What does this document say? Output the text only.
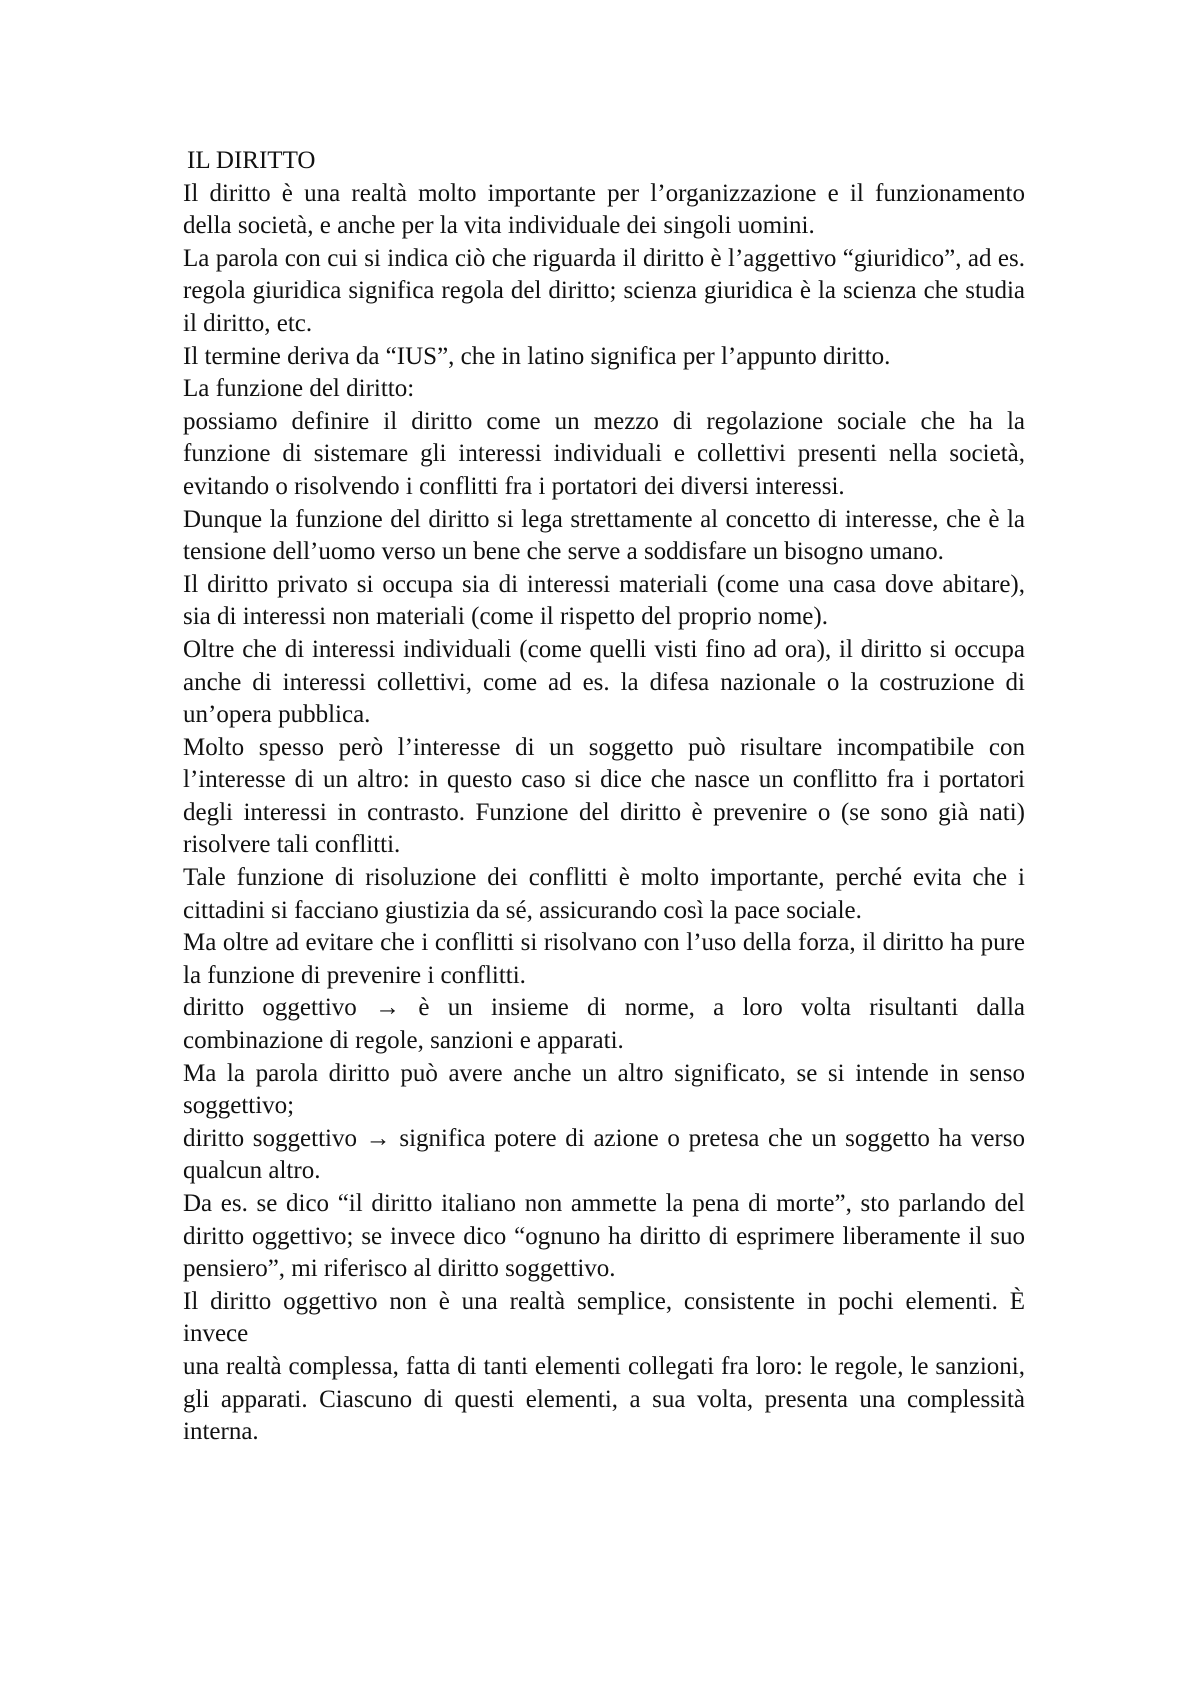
IL DIRITTO

Il diritto è una realtà molto importante per l’organizzazione e il funzionamento della società, e anche per la vita individuale dei singoli uomini.

La parola con cui si indica ciò che riguarda il diritto è l’aggettivo “giuridico”, ad es. regola giuridica significa regola del diritto; scienza giuridica è la scienza che studia il diritto, etc.

Il termine deriva da “IUS”, che in latino significa per l’appunto diritto.

La funzione del diritto:

possiamo definire il diritto come un mezzo di regolazione sociale che ha la funzione di sistemare gli interessi individuali e collettivi presenti nella società, evitando o risolvendo i conflitti fra i portatori dei diversi interessi.

Dunque la funzione del diritto si lega strettamente al concetto di interesse, che è la tensione dell’uomo verso un bene che serve a soddisfare un bisogno umano.

Il diritto privato si occupa sia di interessi materiali (come una casa dove abitare), sia di interessi non materiali (come il rispetto del proprio nome).

Oltre che di interessi individuali (come quelli visti fino ad ora), il diritto si occupa anche di interessi collettivi, come ad es. la difesa nazionale o la costruzione di un’opera pubblica.

Molto spesso però l’interesse di un soggetto può risultare incompatibile con l’interesse di un altro: in questo caso si dice che nasce un conflitto fra i portatori degli interessi in contrasto. Funzione del diritto è prevenire o (se sono già nati) risolvere tali conflitti.

Tale funzione di risoluzione dei conflitti è molto importante, perché evita che i cittadini si facciano giustizia da sé, assicurando così la pace sociale.

Ma oltre ad evitare che i conflitti si risolvano con l’uso della forza, il diritto ha pure la funzione di prevenire i conflitti.

diritto oggettivo → è un insieme di norme, a loro volta risultanti dalla combinazione di regole, sanzioni e apparati.

Ma la parola diritto può avere anche un altro significato, se si intende in senso soggettivo;

diritto soggettivo → significa potere di azione o pretesa che un soggetto ha verso qualcun altro.

Da es. se dico “il diritto italiano non ammette la pena di morte”, sto parlando del diritto oggettivo; se invece dico “ognuno ha diritto di esprimere liberamente il suo pensiero”, mi riferisco al diritto soggettivo.

Il diritto oggettivo non è una realtà semplice, consistente in pochi elementi. È invece

una realtà complessa, fatta di tanti elementi collegati fra loro: le regole, le sanzioni, gli apparati. Ciascuno di questi elementi, a sua volta, presenta una complessità interna.
